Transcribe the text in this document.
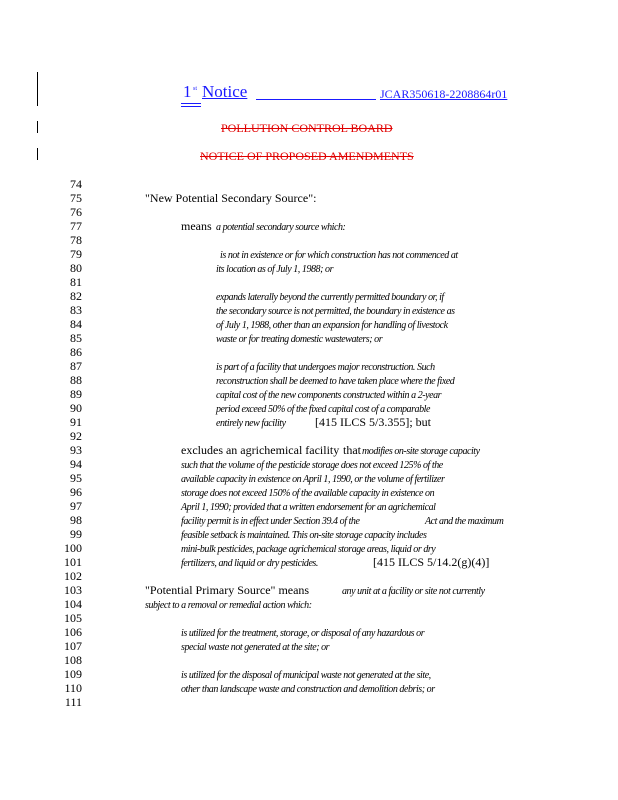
1 st Notice	JCAR350618-2208864r01
POLLUTION CONTROL BOARD
NOTICE OF PROPOSED AMENDMENTS
74
75
76
77
78
79
80
81
82
83
84
85
86
87
88
89
90
91
92
93
94
95
96
97
98
99
100
101
102
103
104
105
106
107
108
109
110
111
"New Potential Secondary Source":
means a potential secondary source which:
is not in existence or for which construction has not commenced at
its location as of July 1, 1988; or
expands laterally beyond the currently permitted boundary or, if
the secondary source is not permitted, the boundary in existence as
of July 1, 1988, other than an expansion for handling of livestock
waste or for treating domestic wastewaters; or
is part of a facility that undergoes major reconstruction. Such
reconstruction shall be deemed to have taken place where the fixed
capital cost of the new components constructed within a 2-year
period exceed 50% of the fixed capital cost of a comparable
entirely new facility [415 ILCS 5/3.355]; but
excludes an agrichemical facility that modifies on-site storage capacity
such that the volume of the pesticide storage does not exceed 125% of the
available capacity in existence on April 1, 1990, or the volume of fertilizer
storage does not exceed 150% of the available capacity in existence on
April 1, 1990; provided that a written endorsement for an agrichemical
facility permit is in effect under Section 39.4 of the	Act and the maximum
feasible setback is maintained. This on-site storage capacity includes
mini-bulk pesticides, package agrichemical storage areas, liquid or dry
fertilizers, and liquid or dry pesticides.	[415 ILCS 5/14.2(g)(4)]
"Potential Primary Source" means	any unit at a facility or site not currently
subject to a removal or remedial action which:
is utilized for the treatment, storage, or disposal of any hazardous or
special waste not generated at the site; or
is utilized for the disposal of municipal waste not generated at the site,
other than landscape waste and construction and demolition debris; or
